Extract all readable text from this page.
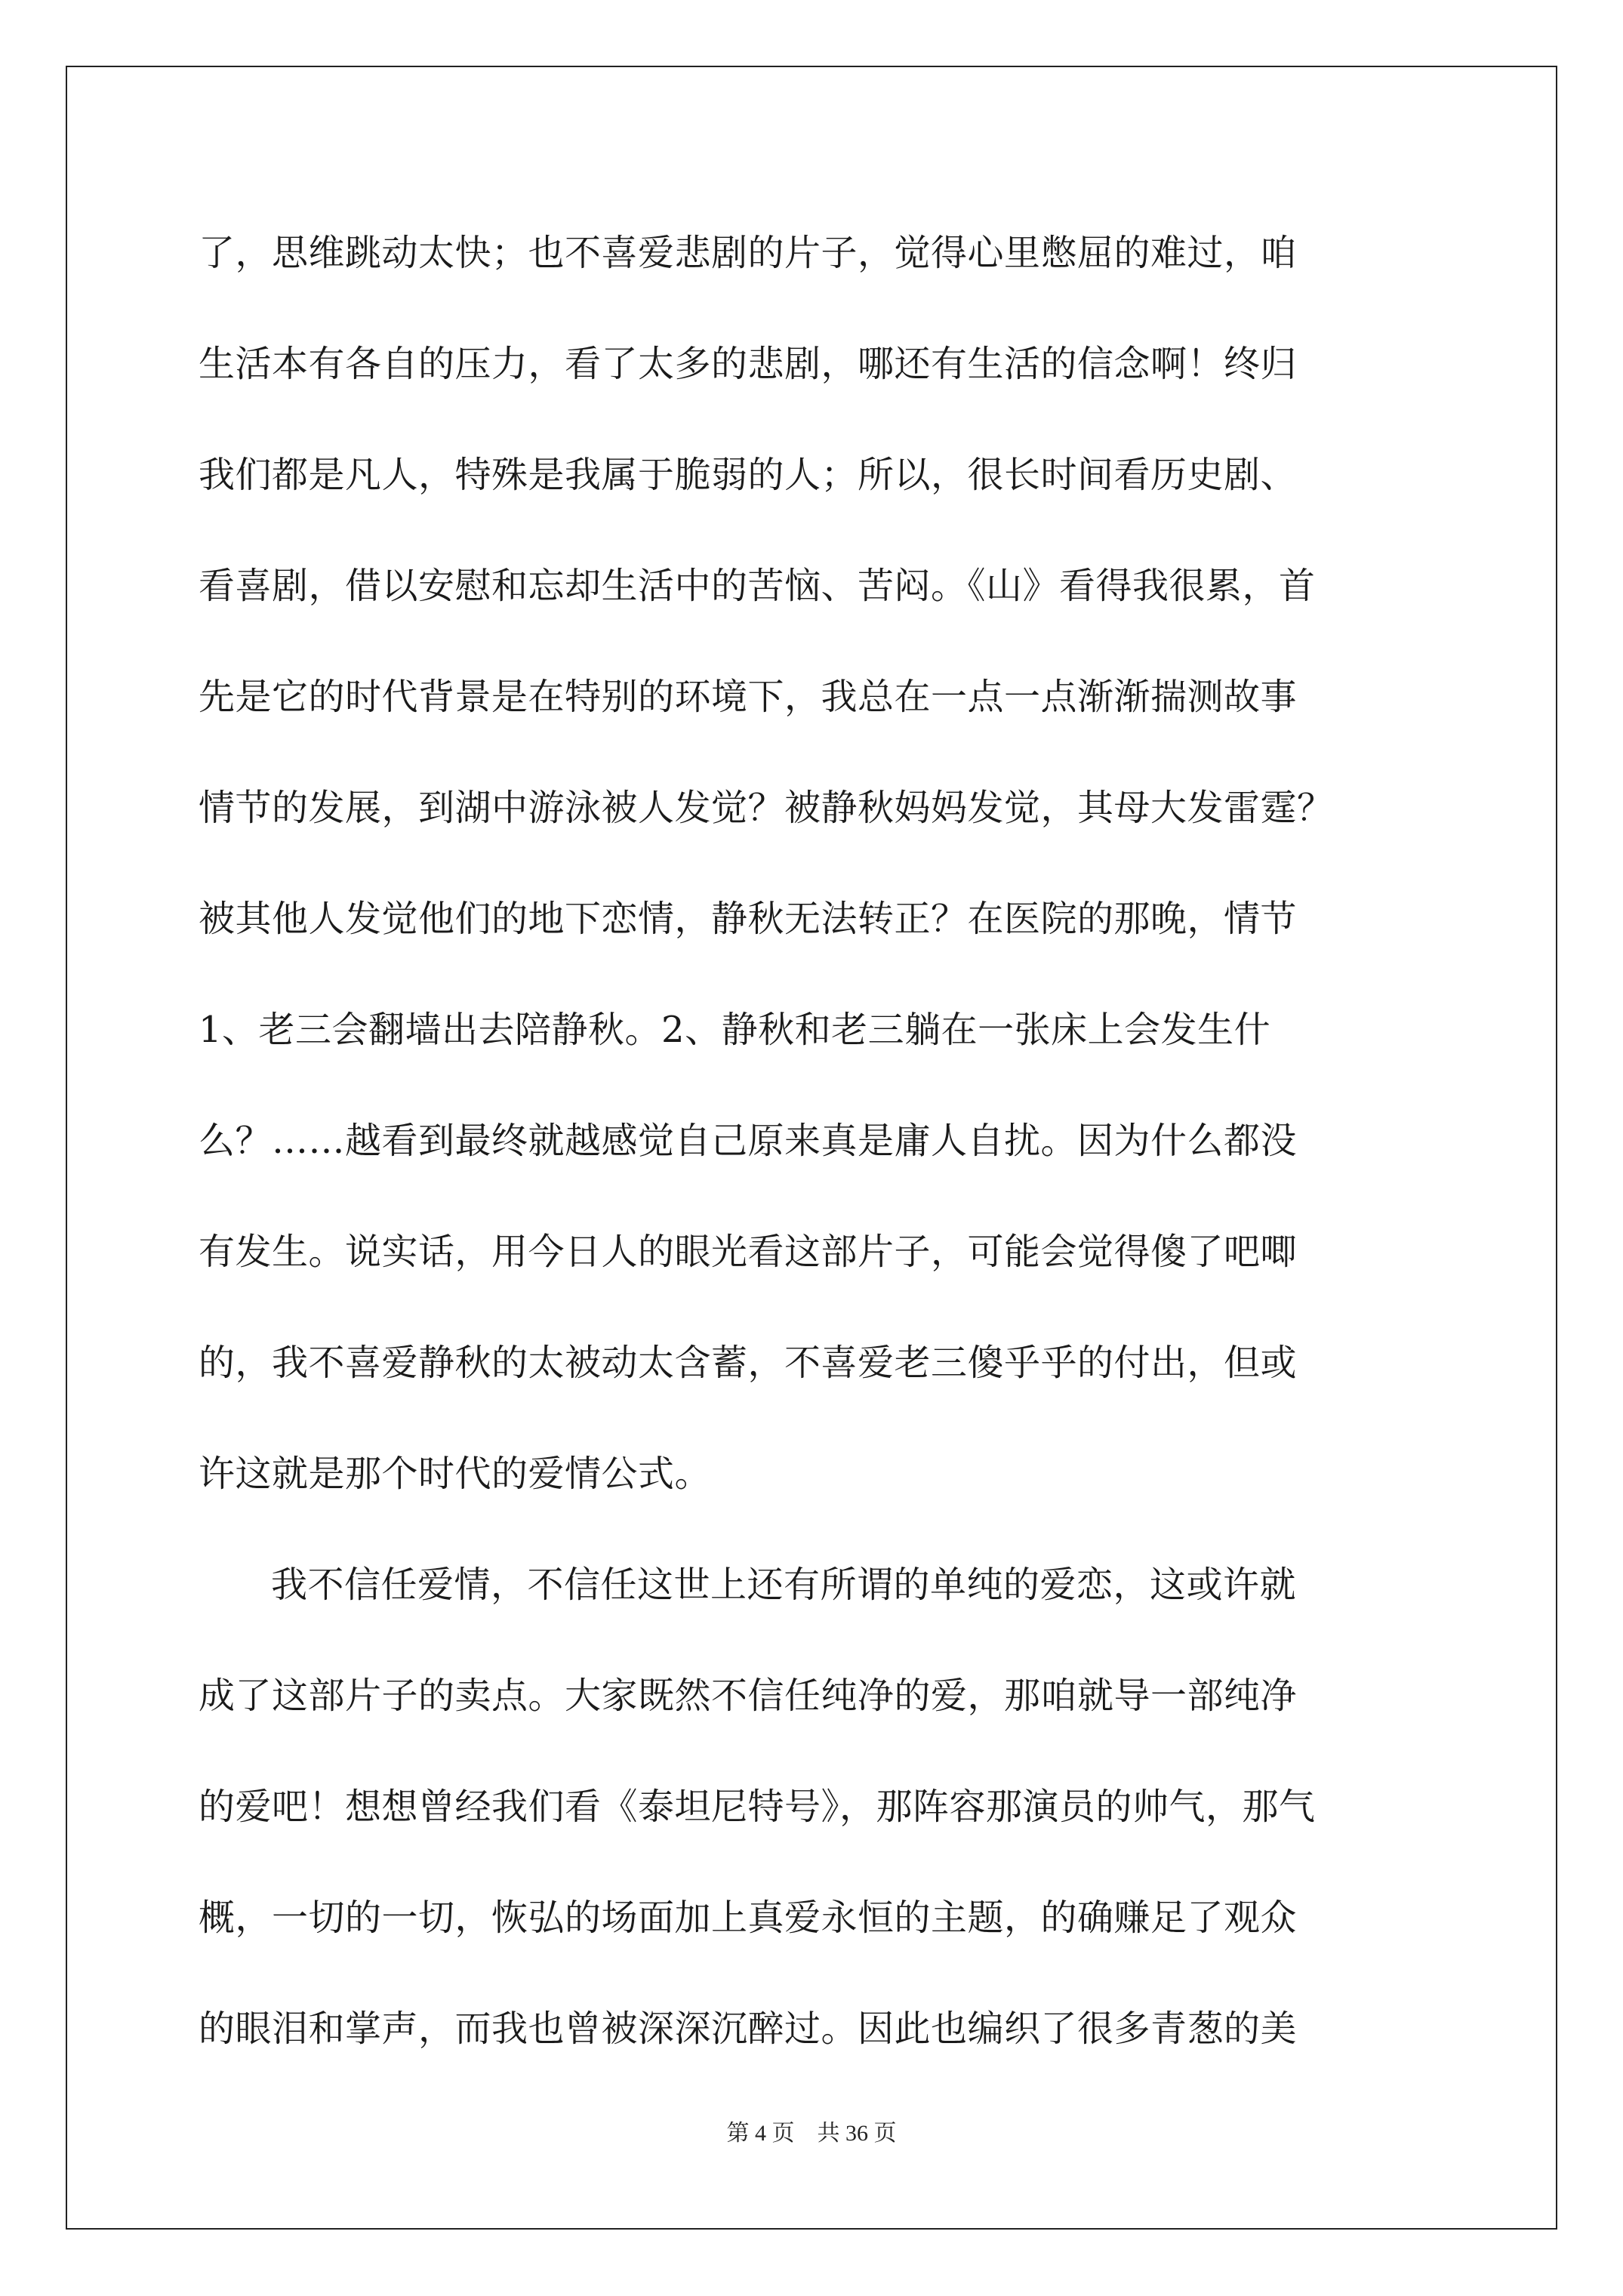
了，思维跳动太快；也不喜爱悲剧的片子，觉得心里憋屈的难过，咱
生活本有各自的压力，看了太多的悲剧，哪还有生活的信念啊！终归
我们都是凡人，特殊是我属于脆弱的人；所以，很长时间看历史剧、
看喜剧，借以安慰和忘却生活中的苦恼、苦闷。《山》看得我很累，首
先是它的时代背景是在特别的环境下，我总在一点一点渐渐揣测故事
情节的发展，到湖中游泳被人发觉？被静秋妈妈发觉，其母大发雷霆？
被其他人发觉他们的地下恋情，静秋无法转正？在医院的那晚，情节
1、老三会翻墙出去陪静秋。2、静秋和老三躺在一张床上会发生什
么？……越看到最终就越感觉自己原来真是庸人自扰。因为什么都没
有发生。说实话，用今日人的眼光看这部片子，可能会觉得傻了吧唧
的，我不喜爱静秋的太被动太含蓄，不喜爱老三傻乎乎的付出，但或
许这就是那个时代的爱情公式。
我不信任爱情，不信任这世上还有所谓的单纯的爱恋，这或许就
成了这部片子的卖点。大家既然不信任纯净的爱，那咱就导一部纯净
的爱吧！想想曾经我们看《泰坦尼特号》，那阵容那演员的帅气，那气
概，一切的一切，恢弘的场面加上真爱永恒的主题，的确赚足了观众
的眼泪和掌声，而我也曾被深深沉醉过。因此也编织了很多青葱的美
第 4 页　共 36 页
